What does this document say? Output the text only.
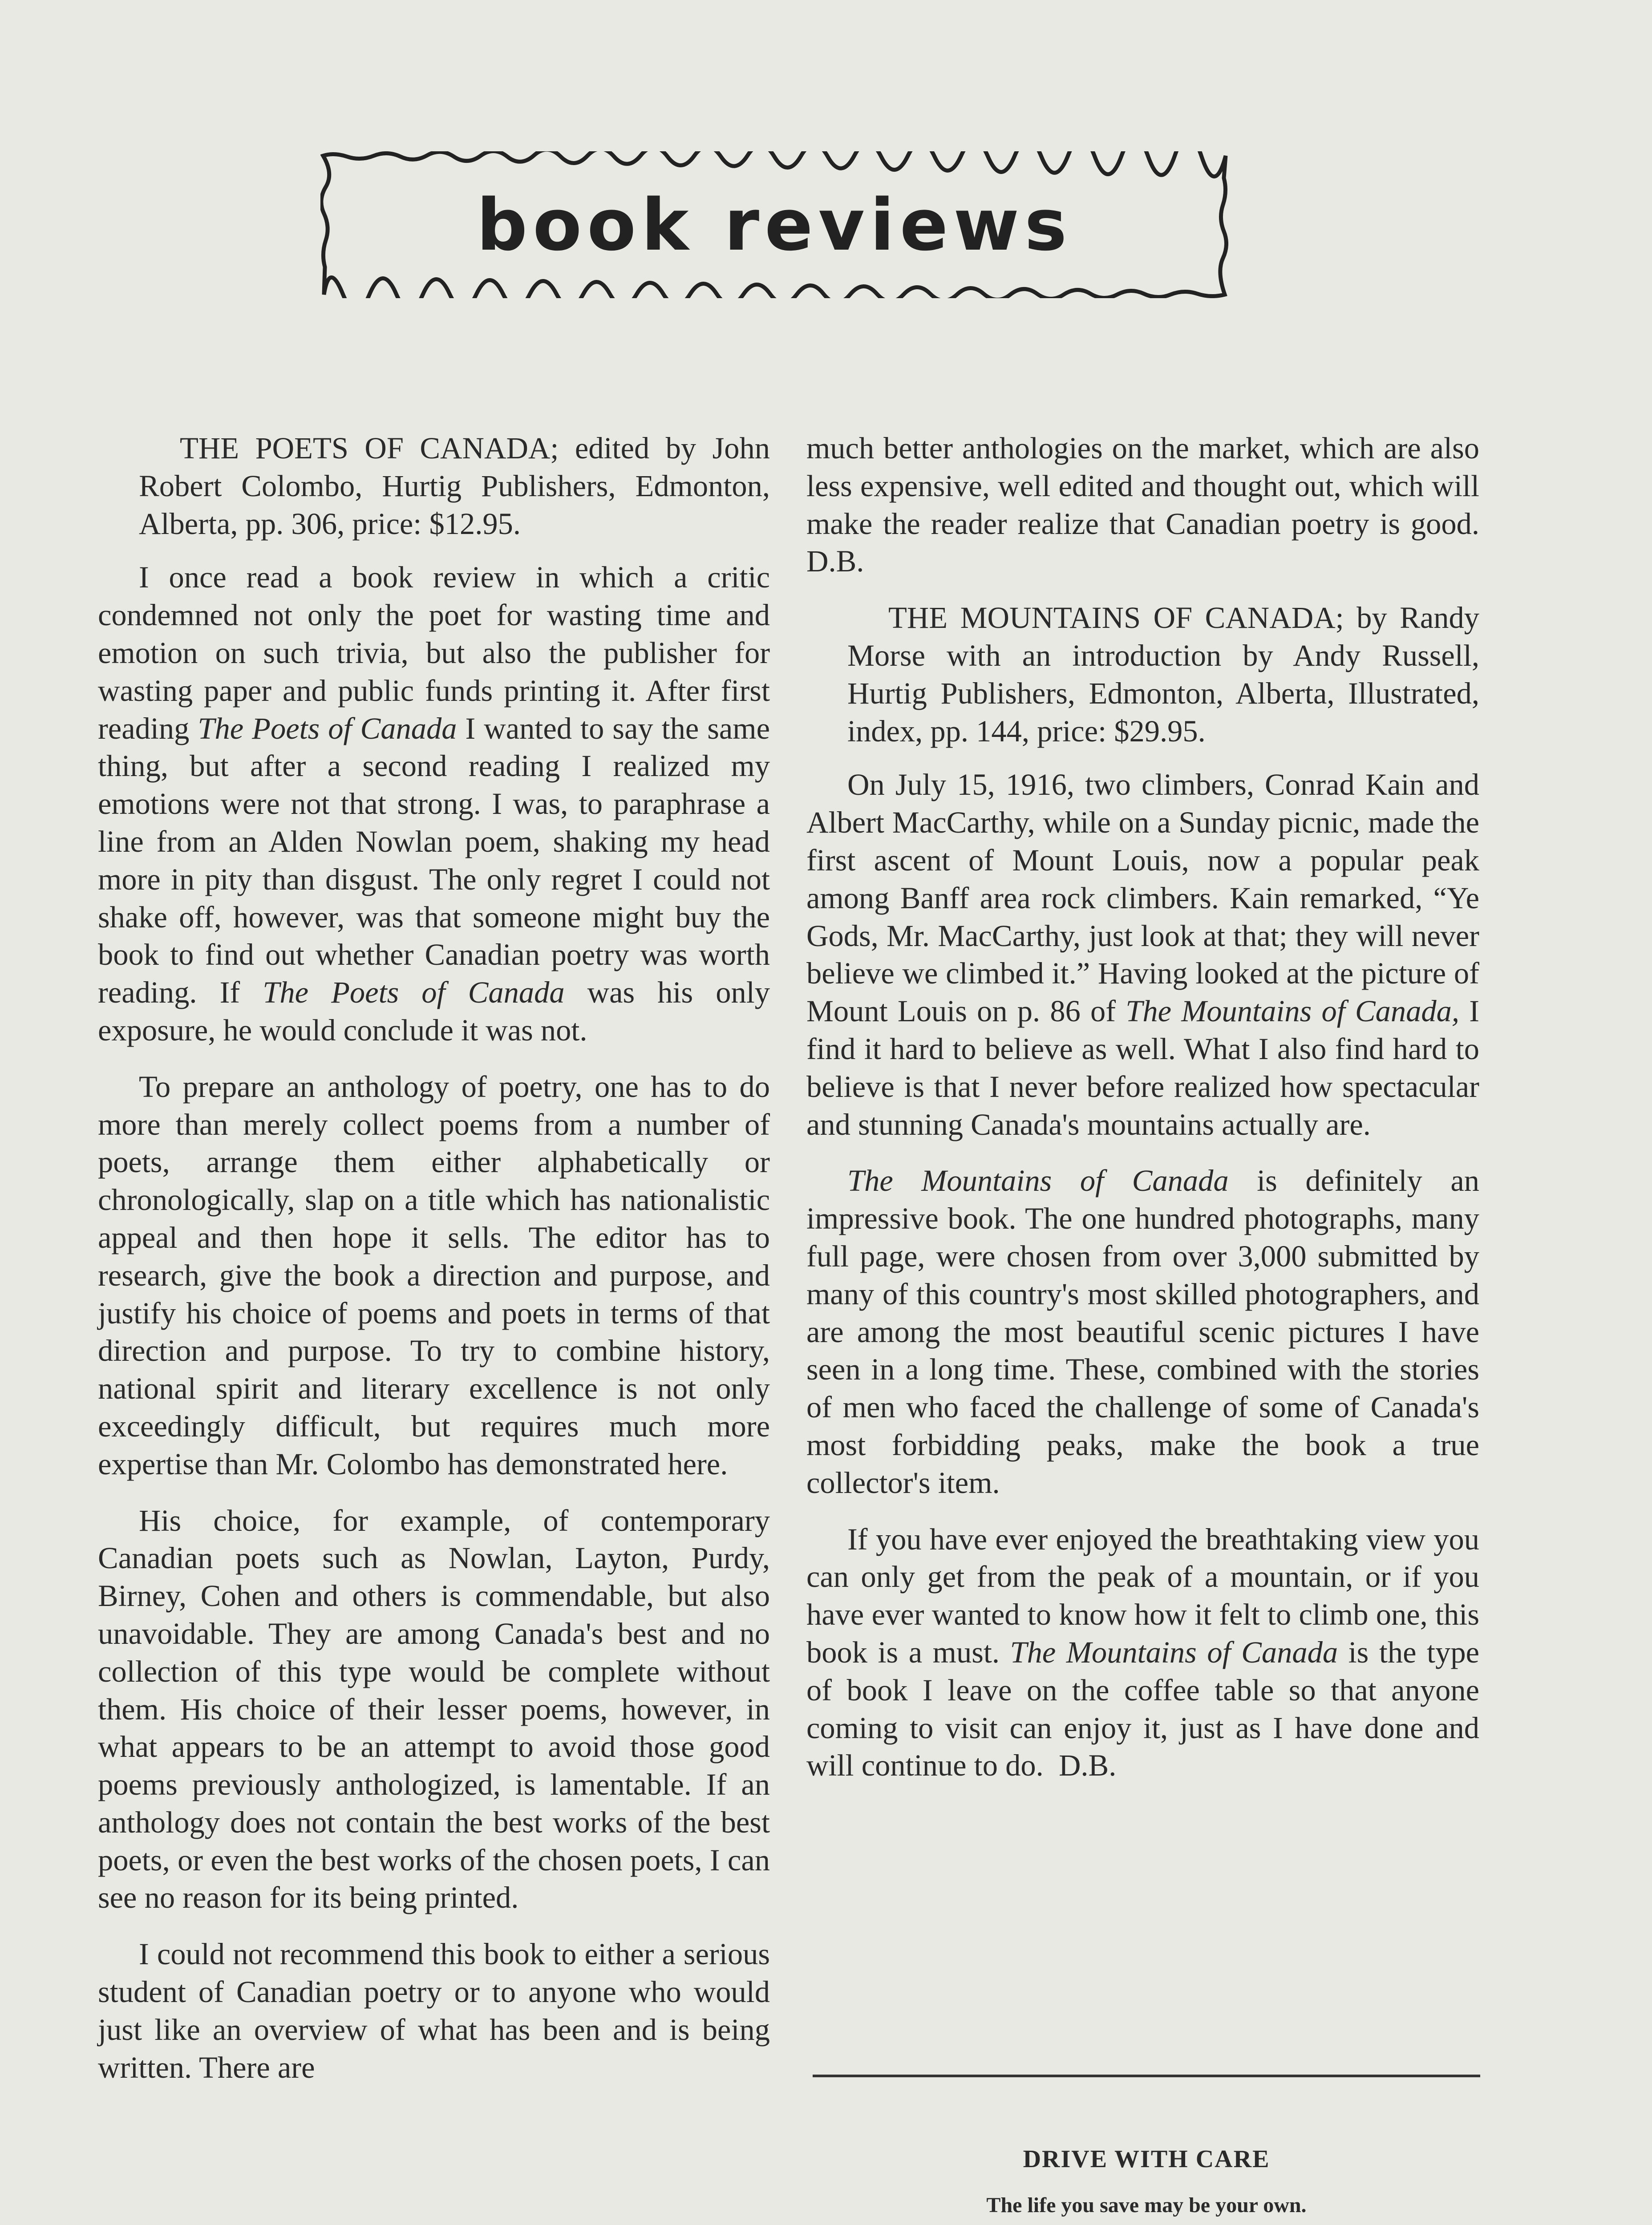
book reviews

THE POETS OF CANADA; edited by John Robert Colombo, Hurtig Publishers, Edmonton, Alberta, pp. 306, price: $12.95.

I once read a book review in which a critic condemned not only the poet for wasting time and emotion on such trivia, but also the publisher for wasting paper and public funds printing it. After first reading The Poets of Canada I wanted to say the same thing, but after a second reading I realized my emotions were not that strong. I was, to paraphrase a line from an Alden Nowlan poem, shaking my head more in pity than disgust. The only regret I could not shake off, however, was that someone might buy the book to find out whether Canadian poetry was worth reading. If The Poets of Canada was his only exposure, he would conclude it was not.

To prepare an anthology of poetry, one has to do more than merely collect poems from a number of poets, arrange them either alphabetically or chronologically, slap on a title which has nationalistic appeal and then hope it sells. The editor has to research, give the book a direction and purpose, and justify his choice of poems and poets in terms of that direction and purpose. To try to combine history, national spirit and literary excellence is not only exceedingly difficult, but requires much more expertise than Mr. Colombo has demonstrated here.

His choice, for example, of contemporary Canadian poets such as Nowlan, Layton, Purdy, Birney, Cohen and others is commendable, but also unavoidable. They are among Canada's best and no collection of this type would be complete without them. His choice of their lesser poems, however, in what appears to be an attempt to avoid those good poems previously anthologized, is lamentable. If an anthology does not contain the best works of the best poets, or even the best works of the chosen poets, I can see no reason for its being printed.

I could not recommend this book to either a serious student of Canadian poetry or to anyone who would just like an overview of what has been and is being written. There are

much better anthologies on the market, which are also less expensive, well edited and thought out, which will make the reader realize that Canadian poetry is good. D.B.

THE MOUNTAINS OF CANADA; by Randy Morse with an introduction by Andy Russell, Hurtig Publishers, Edmonton, Alberta, Illustrated, index, pp. 144, price: $29.95.

On July 15, 1916, two climbers, Conrad Kain and Albert MacCarthy, while on a Sunday picnic, made the first ascent of Mount Louis, now a popular peak among Banff area rock climbers. Kain remarked, “Ye Gods, Mr. MacCarthy, just look at that; they will never believe we climbed it.” Having looked at the picture of Mount Louis on p. 86 of The Mountains of Canada, I find it hard to believe as well. What I also find hard to believe is that I never before realized how spectacular and stunning Canada's mountains actually are.

The Mountains of Canada is definitely an impressive book. The one hundred photographs, many full page, were chosen from over 3,000 submitted by many of this country's most skilled photographers, and are among the most beautiful scenic pictures I have seen in a long time. These, combined with the stories of men who faced the challenge of some of Canada's most forbidding peaks, make the book a true collector's item.

If you have ever enjoyed the breathtaking view you can only get from the peak of a mountain, or if you have ever wanted to know how it felt to climb one, this book is a must. The Mountains of Canada is the type of book I leave on the coffee table so that anyone coming to visit can enjoy it, just as I have done and will continue to do.  D.B.

DRIVE WITH CARE
The life you save may be your own.
